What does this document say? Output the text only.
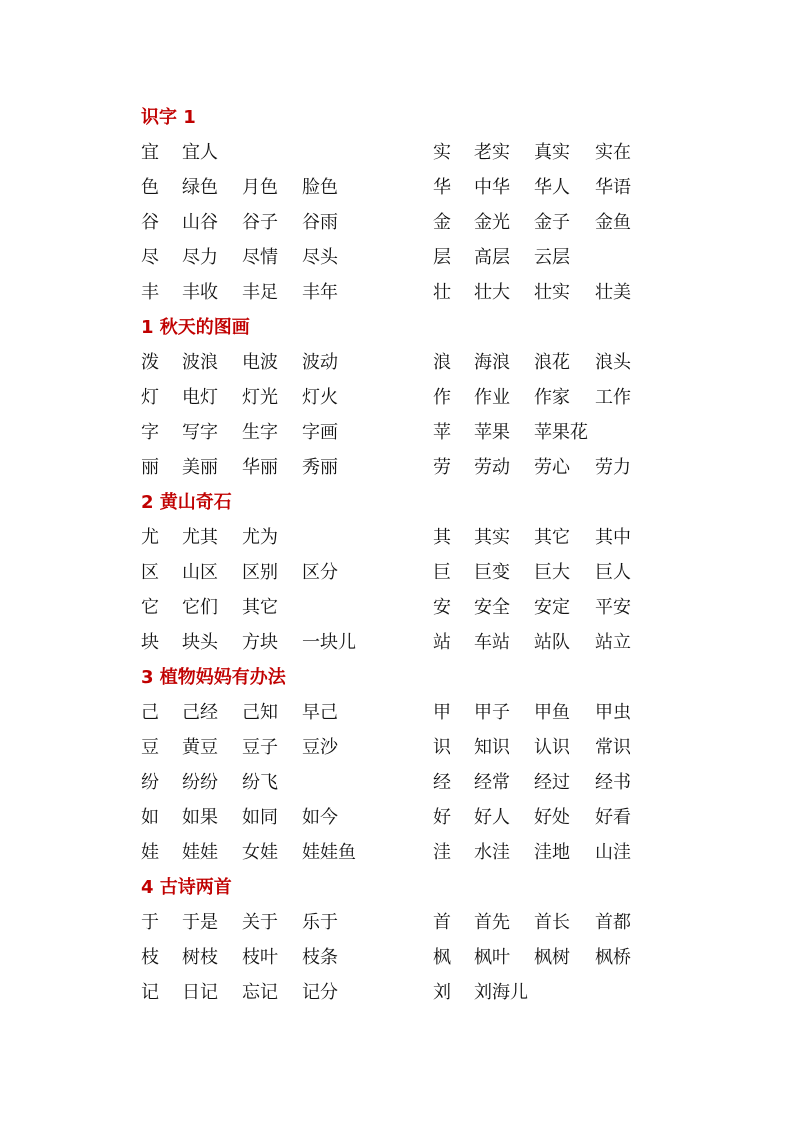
识字 1
宜 宜人	实 老实 真实 实在
色 绿色 月色 脸色	华 中华 华人 华语
谷 山谷 谷子 谷雨	金 金光 金子 金鱼
尽 尽力 尽情 尽头	层 高层 云层
丰 丰收 丰足 丰年	壮 壮大 壮实 壮美
1 秋天的图画
泼 波浪 电波 波动	浪 海浪 浪花 浪头
灯 电灯 灯光 灯火	作 作业 作家 工作
字 写字 生字 字画	苹 苹果 苹果花
丽 美丽 华丽 秀丽	劳 劳动 劳心 劳力
2 黄山奇石
尤 尤其 尤为	其 其实 其它 其中
区 山区 区别 区分	巨 巨变 巨大 巨人
它 它们 其它	安 安全 安定 平安
块 块头 方块 一块儿	站 车站 站队 站立
3 植物妈妈有办法
己 己经 己知 早己	甲 甲子 甲鱼 甲虫
豆 黄豆 豆子 豆沙	识 知识 认识 常识
纷 纷纷 纷飞	经 经常 经过 经书
如 如果 如同 如今	好 好人 好处 好看
娃 娃娃 女娃 娃娃鱼	洼 水洼 洼地 山洼
4 古诗两首
于 于是 关于 乐于	首 首先 首长 首都
枝 树枝 枝叶 枝条	枫 枫叶 枫树 枫桥
记 日记 忘记 记分	刘 刘海儿
